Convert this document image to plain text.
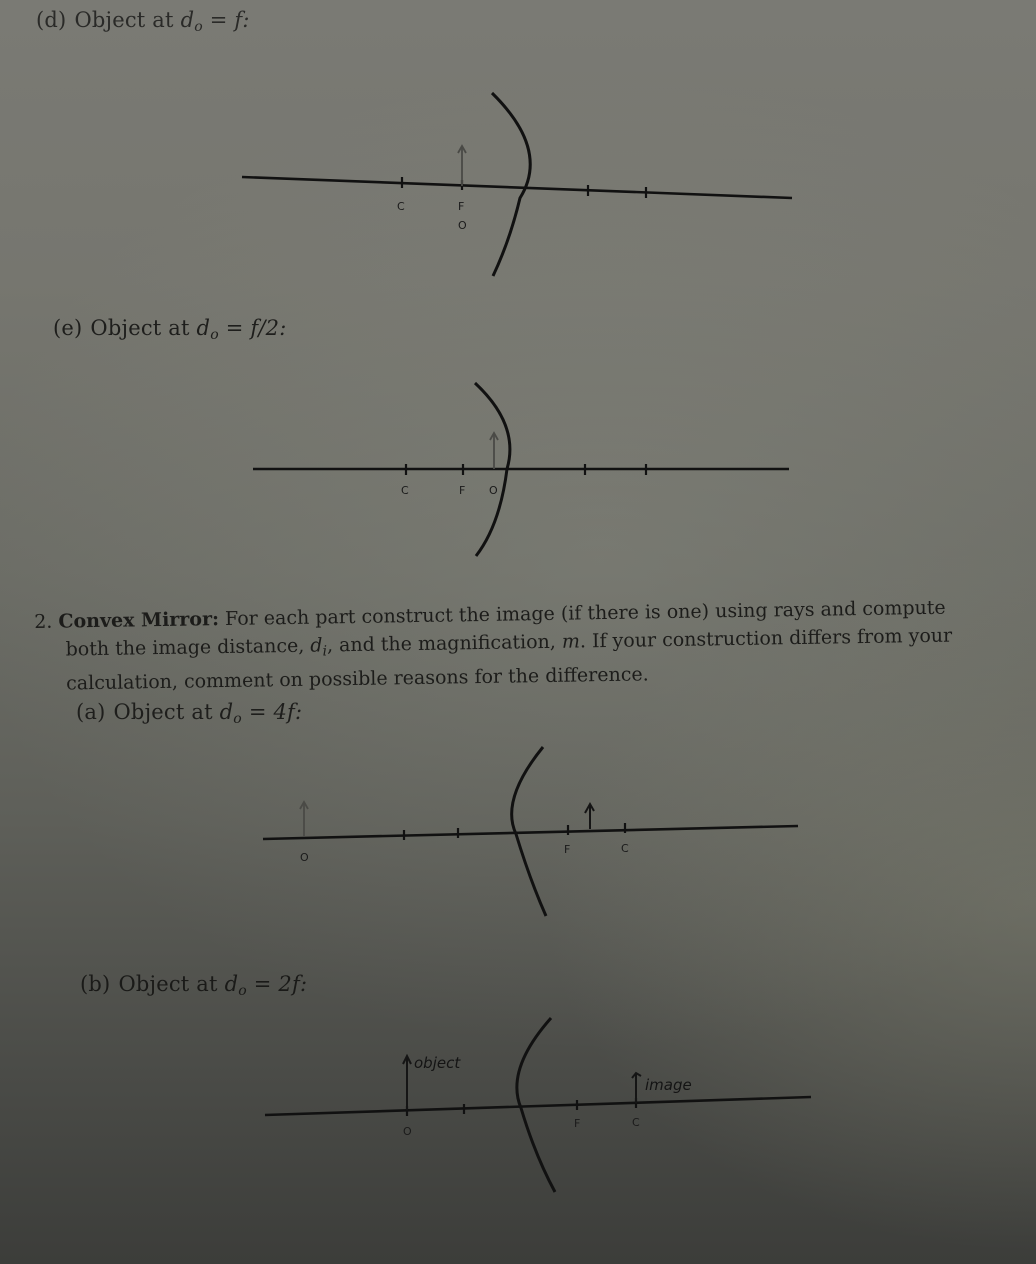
(d) Object at $d_o = f$:
C	F
O
(e) Object at $d_o = f/2$:
C	F O
2. Convex Mirror: For each part construct the image (if there is one) using rays and compute
both the image distance, $d_i$, and the magnification, m. If your construction differs from your
calculation, comment on possible reasons for the difference.
(a) Object at $d_o = 4f$:
O
F	C
(b) Object at $d_o = 2f$:
object
image
O
F	C
